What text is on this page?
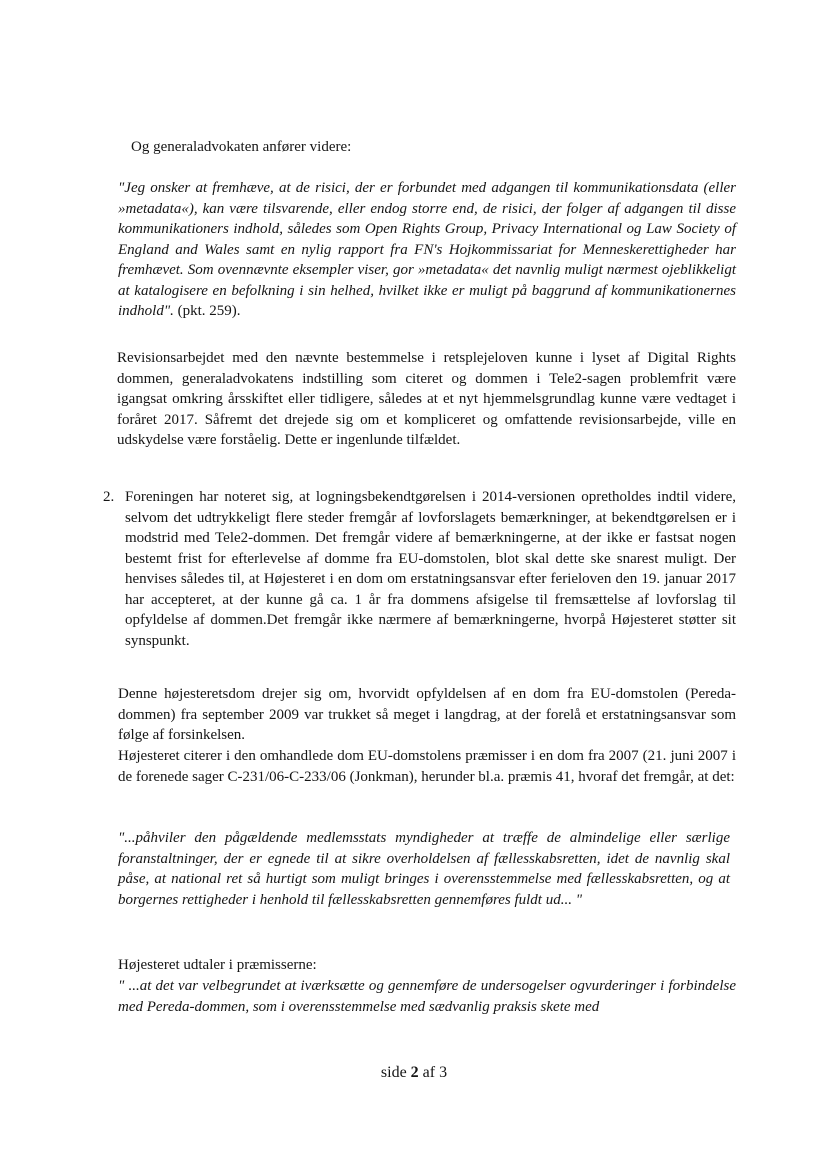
Og generaladvokaten anfører videre:

"Jeg onsker at fremhæve, at de risici, der er forbundet med adgangen til kommunikationsdata (eller »metadata«), kan være tilsvarende, eller endog storre end, de risici, der folger af adgangen til disse kommunikationers indhold, således som Open Rights Group, Privacy International og Law Society of England and Wales samt en nylig rapport fra FN's Hojkommissariat for Menneskerettigheder har fremhævet. Som ovennævnte eksempler viser, gor »metadata« det navnlig muligt nærmest ojeblikkeligt at katalogisere en befolkning i sin helhed, hvilket ikke er muligt på baggrund af kommunikationernes indhold". (pkt. 259).

Revisionsarbejdet med den nævnte bestemmelse i retsplejeloven kunne i lyset af Digital Rights dommen, generaladvokatens indstilling som citeret og dommen i Tele2-sagen problemfrit være igangsat omkring årsskiftet eller tidligere, således at et nyt hjemmelsgrundlag kunne være vedtaget i foråret 2017. Såfremt det drejede sig om et kompliceret og omfattende revisionsarbejde, ville en udskydelse være forståelig. Dette er ingenlunde tilfældet.

2. Foreningen har noteret sig, at logningsbekendtgørelsen i 2014-versionen opretholdes indtil videre, selvom det udtrykkeligt flere steder fremgår af lovforslagets bemærkninger, at bekendtgørelsen er i modstrid med Tele2-dommen. Det fremgår videre af bemærkningerne, at der ikke er fastsat nogen bestemt frist for efterlevelse af domme fra EU-domstolen, blot skal dette ske snarest muligt. Der henvises således til, at Højesteret i en dom om erstatningsansvar efter ferieloven den 19. januar 2017 har accepteret, at der kunne gå ca. 1 år fra dommens afsigelse til fremsættelse af lovforslag til opfyldelse af dommen.Det fremgår ikke nærmere af bemærkningerne, hvorpå Højesteret støtter sit synspunkt.

Denne højesteretsdom drejer sig om, hvorvidt opfyldelsen af en dom fra EU-domstolen (Pereda-dommen) fra september 2009 var trukket så meget i langdrag, at der forelå et erstatningsansvar som følge af forsinkelsen.

Højesteret citerer i den omhandlede dom EU-domstolens præmisser i en dom fra 2007 (21. juni 2007 i de forenede sager C-231/06-C-233/06 (Jonkman), herunder bl.a. præmis 41, hvoraf det fremgår, at det:

"...påhviler den pågældende medlemsstats myndigheder at træffe de almindelige eller særlige foranstaltninger, der er egnede til at sikre overholdelsen af fællesskabsretten, idet de navnlig skal påse, at national ret så hurtigt som muligt bringes i overensstemmelse med fællesskabsretten, og at borgernes rettigheder i henhold til fællesskabsretten gennemføres fuldt ud... "

Højesteret udtaler i præmisserne:

" ...at det var velbegrundet at iværksætte og gennemføre de undersogelser ogvurderinger i forbindelse med Pereda-dommen, som i overensstemmelse med sædvanlig praksis skete med

side 2 af 3
